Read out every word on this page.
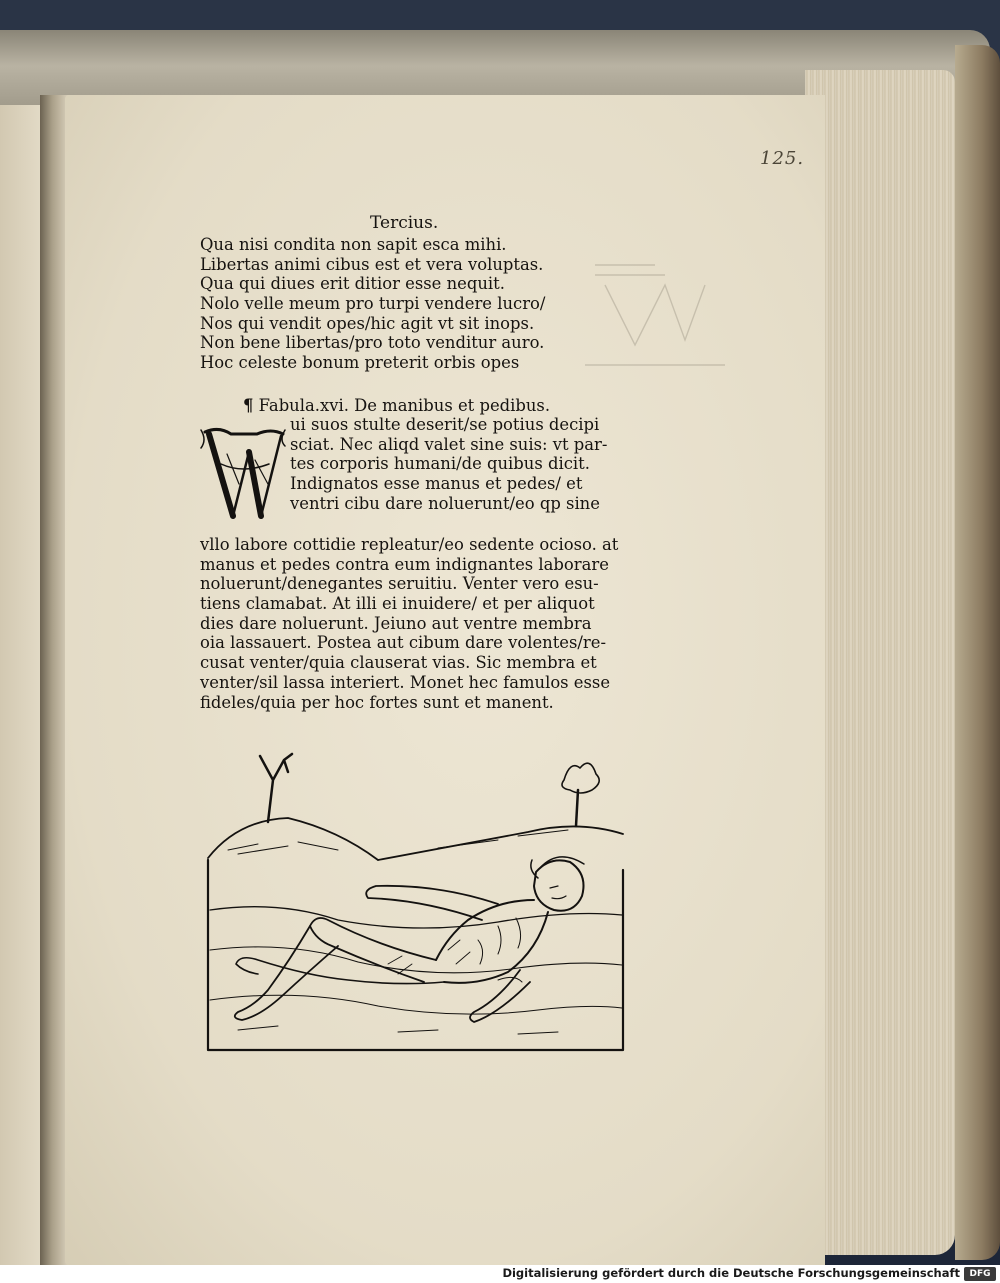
125.
Tercius.
Qua nisi condita non sapit esca mihi.
Libertas animi cibus est et vera voluptas.
Qua qui diues erit ditior esse nequit.
Nolo velle meum pro turpi vendere lucro/
Nos qui vendit opes/hic agit vt sit inops.
Non bene libertas/pro toto venditur auro.
Hoc celeste bonum preterit orbis opes
¶ Fabula.xvi. De manibus et pedibus.
ui suos stulte deserit/se potius decipi
sciat. Nec aliqd valet sine suis: vt par-
tes corporis humani/de quibus dicit.
Indignatos esse manus et pedes/ et
ventri cibu dare noluerunt/eo qp sine
vllo labore cottidie repleatur/eo sedente ocioso. at
manus et pedes contra eum indignantes laborare
noluerunt/denegantes seruitiu. Venter vero esu-
tiens clamabat. At illi ei inuidere/ et per aliquot
dies dare noluerunt. Jeiuno aut ventre membra
oia lassauert. Postea aut cibum dare volentes/re-
cusat venter/quia clauserat vias. Sic membra et
venter/sil lassa interiert. Monet hec famulos esse
fideles/quia per hoc fortes sunt et manent.
Digitalisierung gefördert durch die Deutsche Forschungsgemeinschaft	DFG
